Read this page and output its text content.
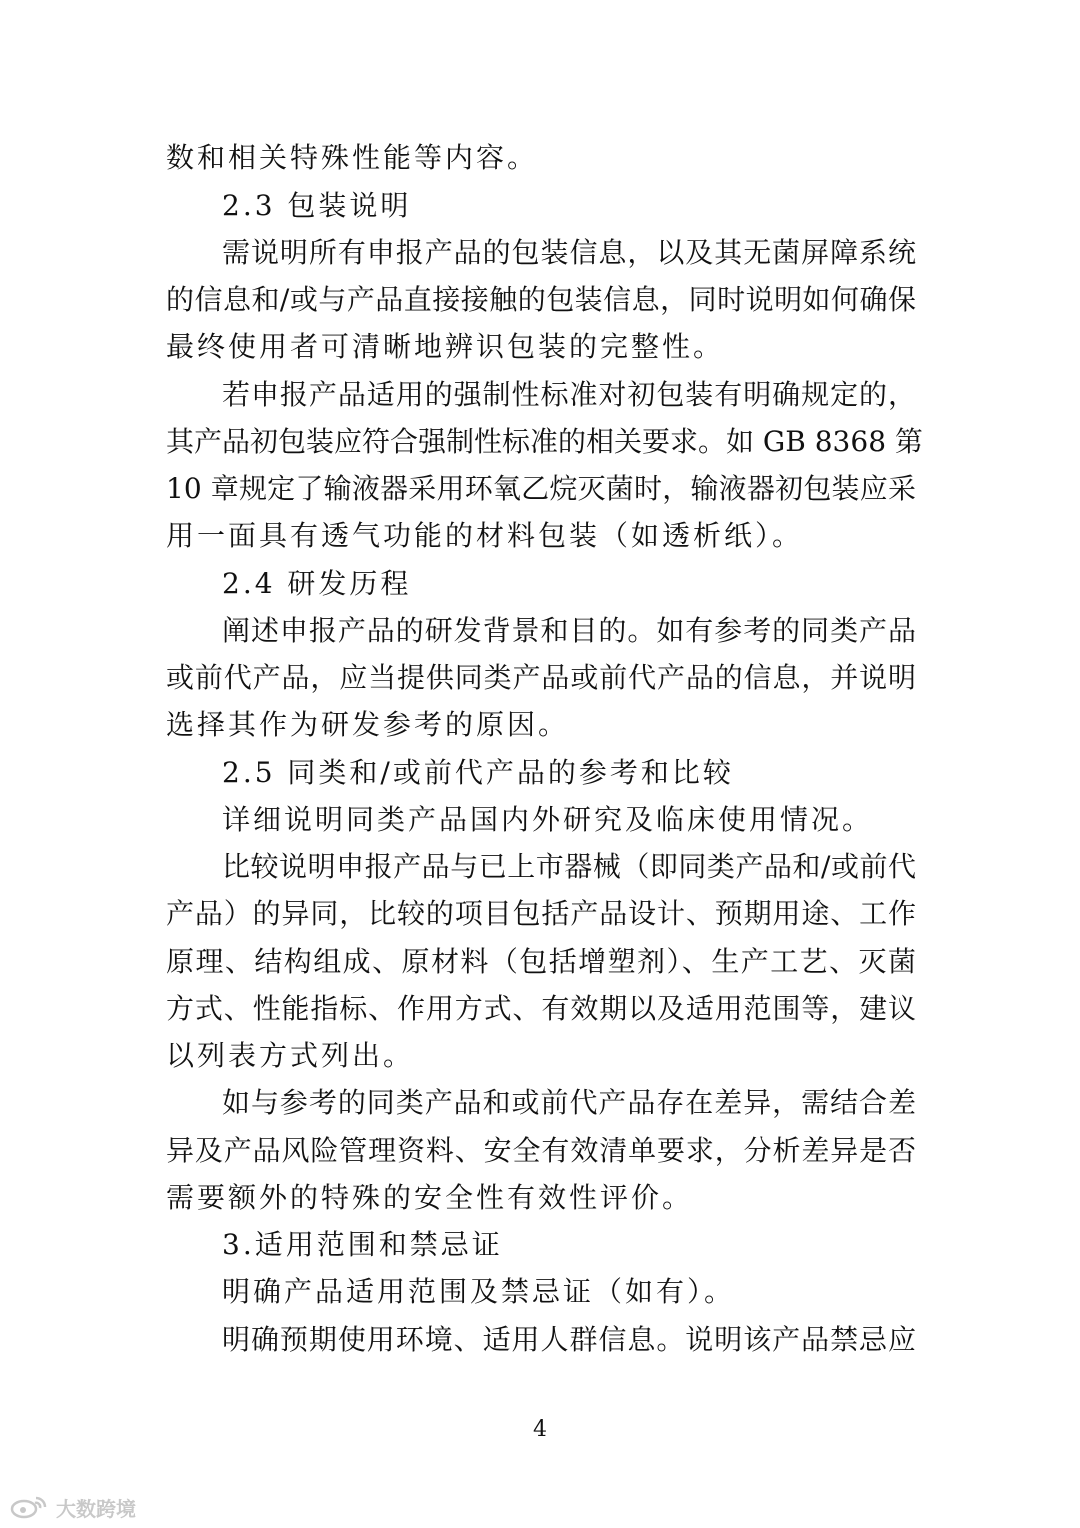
数和相关特殊性能等内容。
2.3 包装说明
需说明所有申报产品的包装信息，以及其无菌屏障系统
的信息和/或与产品直接接触的包装信息，同时说明如何确保
最终使用者可清晰地辨识包装的完整性。
若申报产品适用的强制性标准对初包装有明确规定的，
其产品初包装应符合强制性标准的相关要求。如 GB 8368 第
10 章规定了输液器采用环氧乙烷灭菌时，输液器初包装应采
用一面具有透气功能的材料包装（如透析纸）。
2.4 研发历程
阐述申报产品的研发背景和目的。如有参考的同类产品
或前代产品，应当提供同类产品或前代产品的信息，并说明
选择其作为研发参考的原因。
2.5 同类和/或前代产品的参考和比较
详细说明同类产品国内外研究及临床使用情况。
比较说明申报产品与已上市器械（即同类产品和/或前代
产品）的异同，比较的项目包括产品设计、预期用途、工作
原理、结构组成、原材料（包括增塑剂）、生产工艺、灭菌
方式、性能指标、作用方式、有效期以及适用范围等，建议
以列表方式列出。
如与参考的同类产品和或前代产品存在差异，需结合差
异及产品风险管理资料、安全有效清单要求，分析差异是否
需要额外的特殊的安全性有效性评价。
3.适用范围和禁忌证
明确产品适用范围及禁忌证（如有）。
明确预期使用环境、适用人群信息。说明该产品禁忌应
4
大数跨境
